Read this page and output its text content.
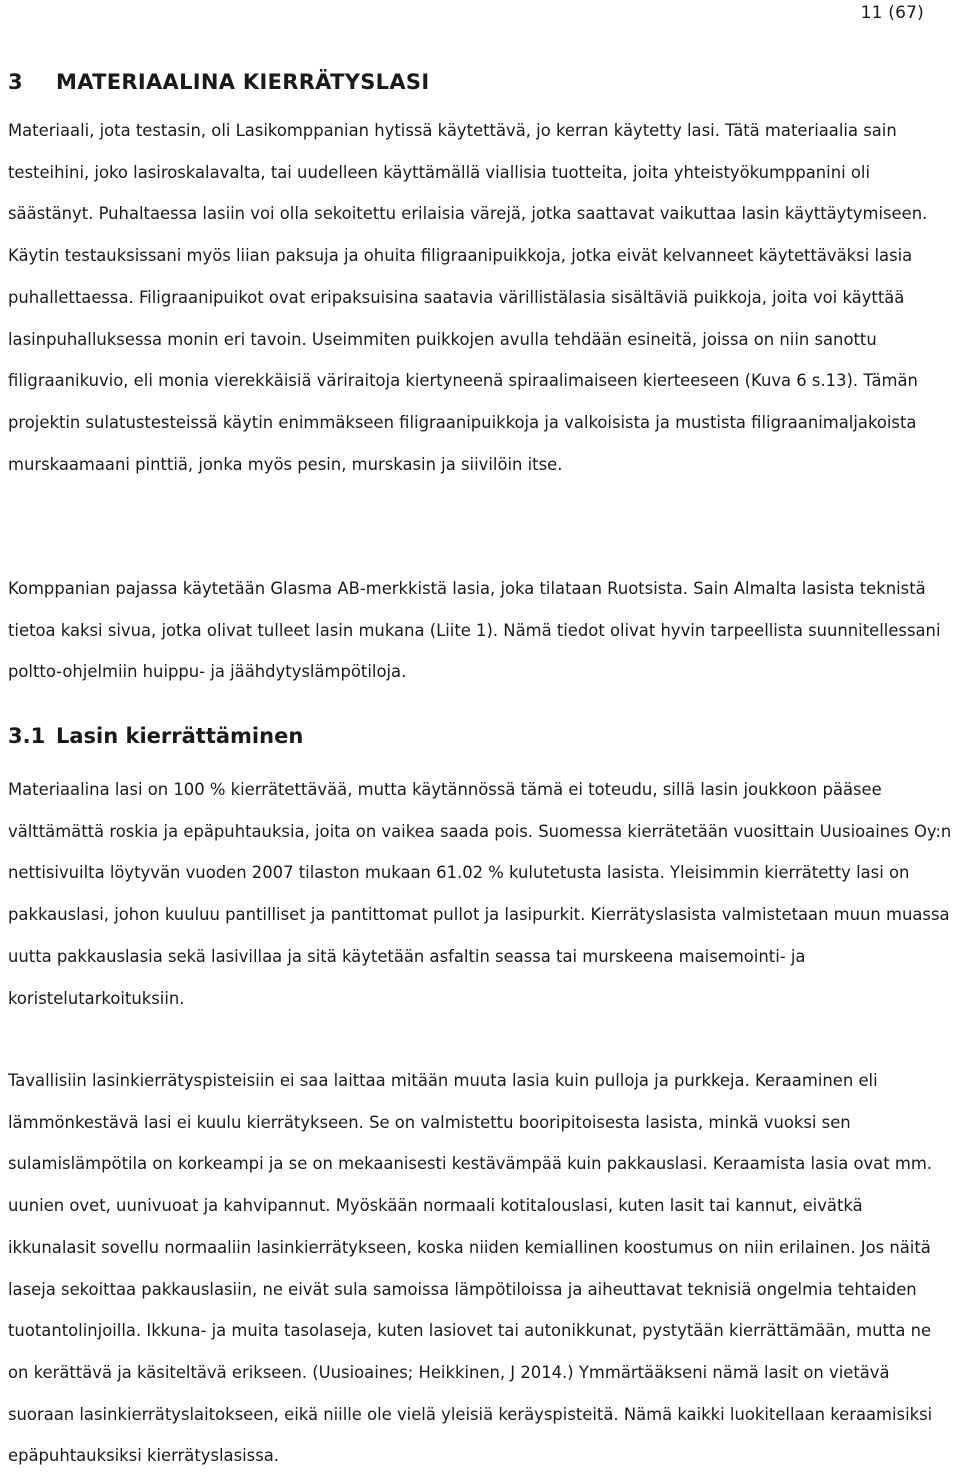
11 (67)
3 MATERIAALINA KIERRÄTYSLASI

Materiaali, jota testasin, oli Lasikomppanian hytissä käytettävä, jo kerran käytetty lasi. Tätä materiaalia sain testeihini, joko lasiroskalavalta, tai uudelleen käyttämällä viallisia tuotteita, joita yhteistyökumppanini oli säästänyt. Puhaltaessa lasiin voi olla sekoitettu erilaisia värejä, jotka saattavat vaikuttaa lasin käyttäytymiseen. Käytin testauksissani myös liian paksuja ja ohuita filigraanipuikkoja, jotka eivät kelvanneet käytettäväksi lasia puhallettaessa. Filigraanipuikot ovat eripaksuisina saatavia värillistälasia sisältäviä puikkoja, joita voi käyttää lasinpuhalluksessa monin eri tavoin. Useimmiten puikkojen avulla tehdään esineitä, joissa on niin sanottu filigraanikuvio, eli monia vierekkäisiä väriraitoja kiertyneenä spiraalimaiseen kierteeseen (Kuva 6 s.13). Tämän projektin sulatustesteissä käytin enimmäkseen filigraanipuikkoja ja valkoisista ja mustista filigraanimaljakoista murskaamaani pinttiä, jonka myös pesin, murskasin ja siivilöin itse.

Komppanian pajassa käytetään Glasma AB-merkkistä lasia, joka tilataan Ruotsista. Sain Almalta lasista teknistä tietoa kaksi sivua, jotka olivat tulleet lasin mukana (Liite 1). Nämä tiedot olivat hyvin tarpeellista suunnitellessani poltto-ohjelmiin huippu- ja jäähdytyslämpötiloja.

3.1 Lasin kierrättäminen

Materiaalina lasi on 100 % kierrätettävää, mutta käytännössä tämä ei toteudu, sillä lasin joukkoon pääsee välttämättä roskia ja epäpuhtauksia, joita on vaikea saada pois. Suomessa kierrätetään vuosittain Uusioaines Oy:n nettisivuilta löytyvän vuoden 2007 tilaston mukaan 61.02 % kulutetusta lasista. Yleisimmin kierrätetty lasi on pakkauslasi, johon kuuluu pantilliset ja pantittomat pullot ja lasipurkit. Kierrätyslasista valmistetaan muun muassa uutta pakkauslasia sekä lasivillaa ja sitä käytetään asfaltin seassa tai murskeena maisemointi- ja koristelutarkoituksiin.

Tavallisiin lasinkierrätyspisteisiin ei saa laittaa mitään muuta lasia kuin pulloja ja purkkeja. Keraaminen eli lämmönkestävä lasi ei kuulu kierrätykseen. Se on valmistettu booripitoisesta lasista, minkä vuoksi sen sulamislämpötila on korkeampi ja se on mekaanisesti kestävämpää kuin pakkauslasi. Keraamista lasia ovat mm. uunien ovet, uunivuoat ja kahvipannut. Myöskään normaali kotitalouslasi, kuten lasit tai kannut, eivätkä ikkunalasit sovellu normaaliin lasinkierrätykseen, koska niiden kemiallinen koostumus on niin erilainen. Jos näitä laseja sekoittaa pakkauslasiin, ne eivät sula samoissa lämpötiloissa ja aiheuttavat teknisiä ongelmia tehtaiden tuotantolinjoilla. Ikkuna- ja muita tasolaseja, kuten lasiovet tai autonikkunat, pystytään kierrättämään, mutta ne on kerättävä ja käsiteltävä erikseen. (Uusioaines; Heikkinen, J 2014.) Ymmärtääkseni nämä lasit on vietävä suoraan lasinkierrätyslaitokseen, eikä niille ole vielä yleisiä keräyspisteitä. Nämä kaikki luokitellaan keraamisiksi epäpuhtauksiksi kierrätyslasissa.
